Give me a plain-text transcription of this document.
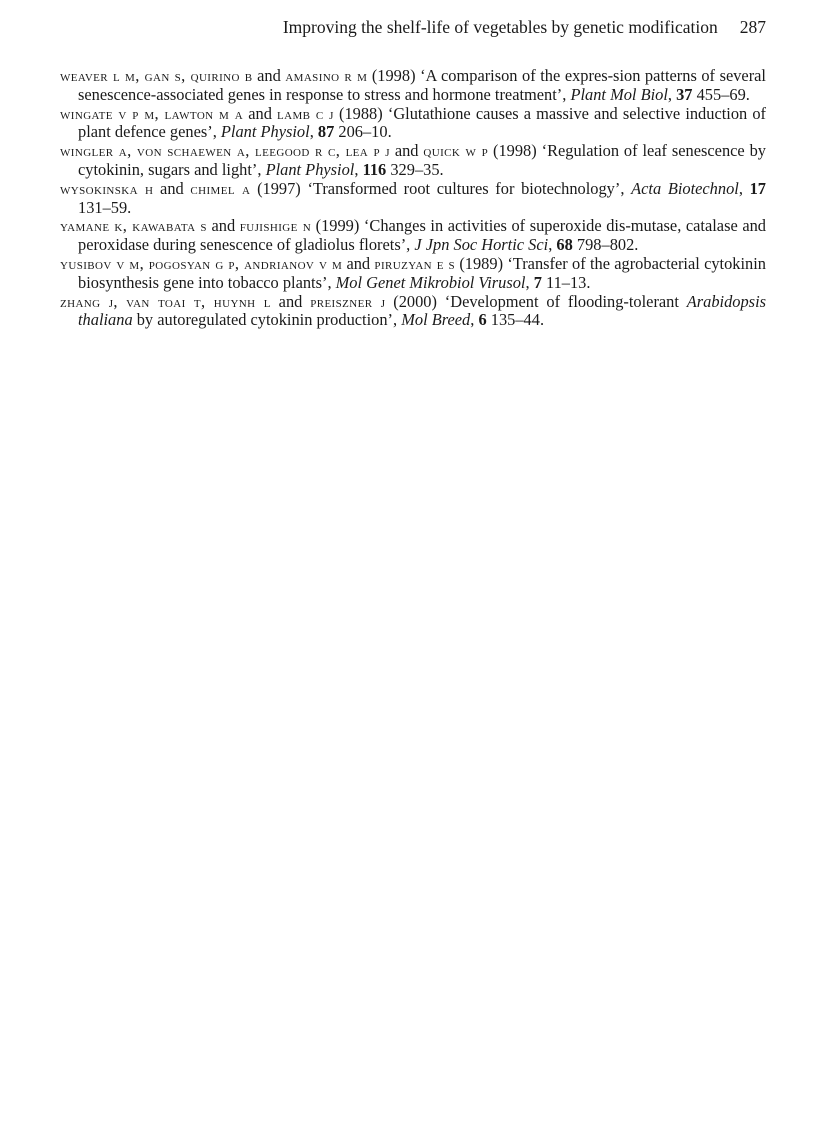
Improving the shelf-life of vegetables by genetic modification 287

weaver l m, gan s, quirino b and amasino r m (1998) ‘A comparison of the expres-sion patterns of several senescence-associated genes in response to stress and hormone treatment’, Plant Mol Biol, 37 455–69.

wingate v p m, lawton m a and lamb c j (1988) ‘Glutathione causes a massive and selective induction of plant defence genes’, Plant Physiol, 87 206–10.

wingler a, von schaewen a, leegood r c, lea p j and quick w p (1998) ‘Regulation of leaf senescence by cytokinin, sugars and light’, Plant Physiol, 116 329–35.

wysokinska h and chimel a (1997) ‘Transformed root cultures for biotechnology’, Acta Biotechnol, 17 131–59.

yamane k, kawabata s and fujishige n (1999) ‘Changes in activities of superoxide dis-mutase, catalase and peroxidase during senescence of gladiolus florets’, J Jpn Soc Hortic Sci, 68 798–802.

yusibov v m, pogosyan g p, andrianov v m and piruzyan e s (1989) ‘Transfer of the agrobacterial cytokinin biosynthesis gene into tobacco plants’, Mol Genet Mikrobiol Virusol, 7 11–13.

zhang j, van toai t, huynh l and preiszner j (2000) ‘Development of flooding-tolerant Arabidopsis thaliana by autoregulated cytokinin production’, Mol Breed, 6 135–44.
